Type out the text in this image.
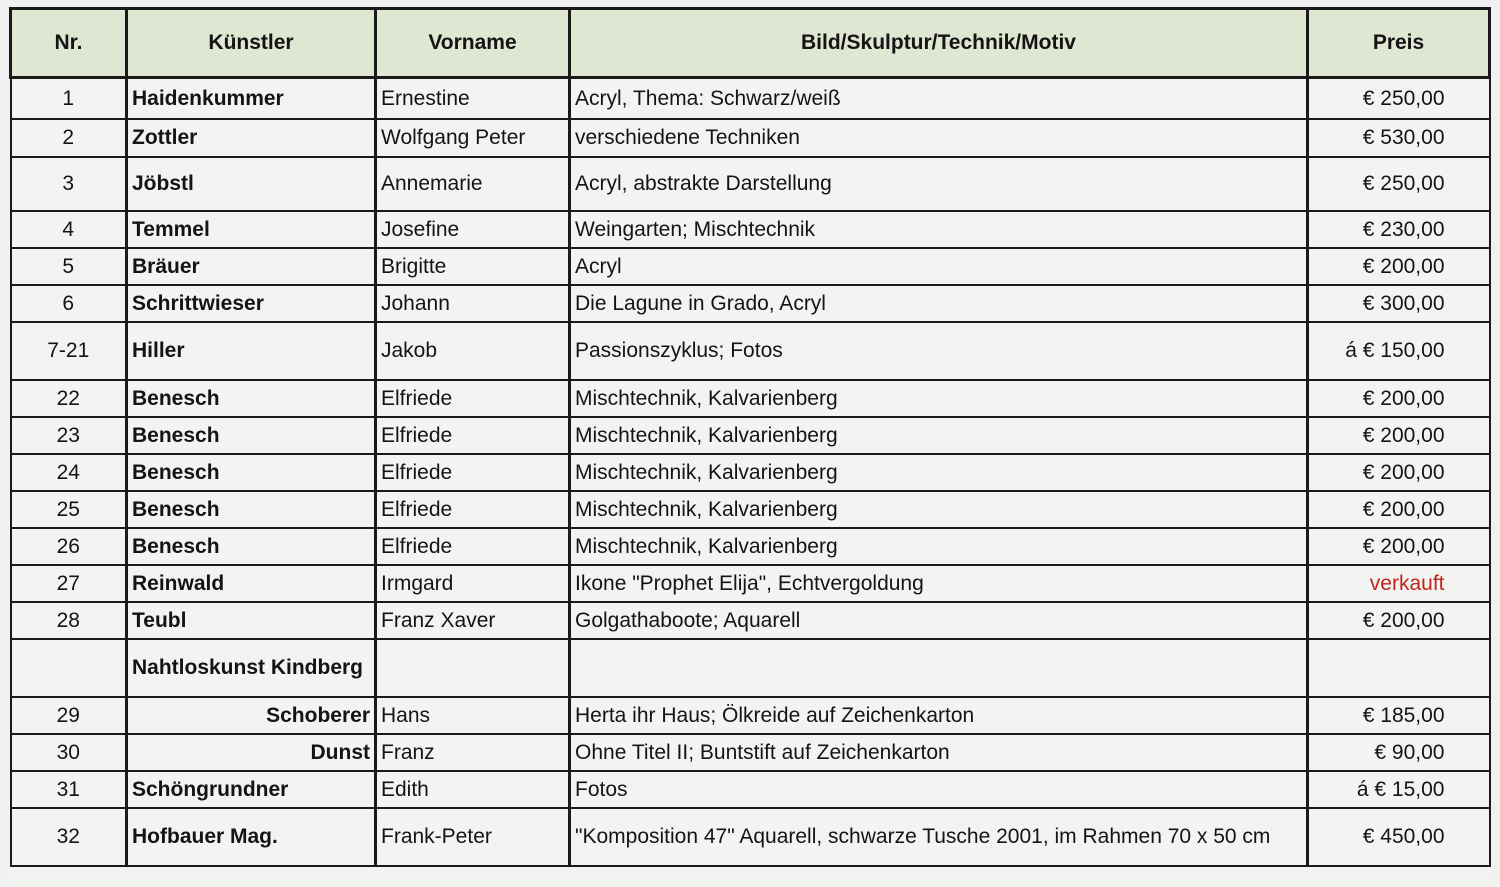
Nr.	Künstler	Vorname	Bild/Skulptur/Technik/Motiv	Preis
1	Haidenkummer	Ernestine	Acryl, Thema: Schwarz/weiß	€ 250,00
2	Zottler	Wolfgang Peter	verschiedene Techniken	€ 530,00
3	Jöbstl	Annemarie	Acryl, abstrakte Darstellung	€ 250,00
4	Temmel	Josefine	Weingarten; Mischtechnik	€ 230,00
5	Bräuer	Brigitte	Acryl	€ 200,00
6	Schrittwieser	Johann	Die Lagune in Grado, Acryl	€ 300,00
7-21	Hiller	Jakob	Passionszyklus; Fotos	á € 150,00
22	Benesch	Elfriede	Mischtechnik, Kalvarienberg	€ 200,00
23	Benesch	Elfriede	Mischtechnik, Kalvarienberg	€ 200,00
24	Benesch	Elfriede	Mischtechnik, Kalvarienberg	€ 200,00
25	Benesch	Elfriede	Mischtechnik, Kalvarienberg	€ 200,00
26	Benesch	Elfriede	Mischtechnik, Kalvarienberg	€ 200,00
27	Reinwald	Irmgard	Ikone "Prophet Elija", Echtvergoldung	verkauft
28	Teubl	Franz Xaver	Golgathaboote; Aquarell	€ 200,00
	Nahtloskunst Kindberg			
29	Schoberer	Hans	Herta ihr Haus; Ölkreide auf Zeichenkarton	€ 185,00
30	Dunst	Franz	Ohne Titel II; Buntstift auf Zeichenkarton	€ 90,00
31	Schöngrundner	Edith	Fotos	á € 15,00
32	Hofbauer Mag.	Frank-Peter	"Komposition 47" Aquarell, schwarze Tusche 2001, im Rahmen 70 x 50 cm	€ 450,00
